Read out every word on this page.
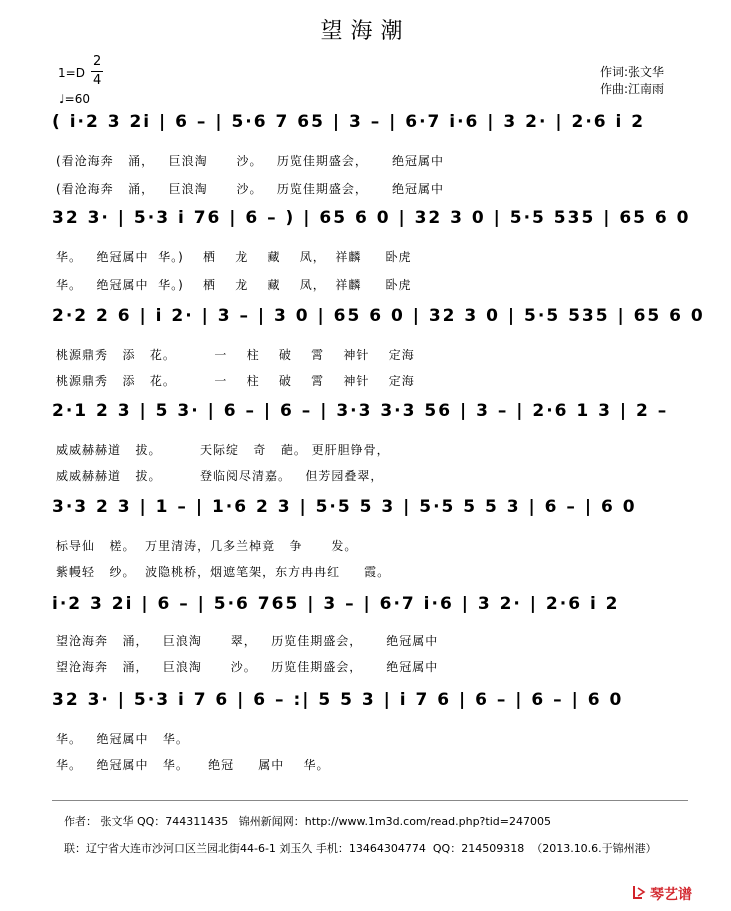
望海潮
1=D
2
4
♩=60
作词:张文华
作曲:江南雨
( i·2 3 2i | 6 – | 5·6 7 65 | 3 – | 6·7 i·6 | 3 2· | 2·6 i 2
(看沧海奔   涌，   巨浪淘      沙。   历览佳期盛会，     绝冠属中
(看沧海奔   涌，   巨浪淘      沙。   历览佳期盛会，     绝冠属中
32 3· | 5·3 i 76 | 6 – ) | 65 6 0 | 32 3 0 | 5·5 535 | 65 6 0
华。   绝冠属中  华。)    栖    龙    藏    凤，  祥麟     卧虎
华。   绝冠属中  华。)    栖    龙    藏    凤，  祥麟     卧虎
2·2 2 6 | i 2· | 3 – | 3 0 | 65 6 0 | 32 3 0 | 5·5 535 | 65 6 0
桃源鼎秀   添   花。        一    柱    破    霄    神针    定海
桃源鼎秀   添   花。        一    柱    破    霄    神针    定海
2·1 2 3 | 5 3· | 6 – | 6 – | 3·3 3·3 56 | 3 – | 2·6 1 3 | 2 –
威威赫赫道   拔。        天际绽   奇   葩。 更肝胆铮骨，
威威赫赫道   拔。        登临阅尽清嘉。   但芳园叠翠，
3·3 2 3 | 1 – | 1·6 2 3 | 5·5 5 3 | 5·5 5 5 3 | 6 – | 6 0
标导仙   槎。  万里清涛，几多兰棹竟   争      发。
紫幔轻   纱。  波隐桃桥，烟遮笔架，东方冉冉红     霞。
i·2 3 2i | 6 – | 5·6 765 | 3 – | 6·7 i·6 | 3 2· | 2·6 i 2
望沧海奔   涌，   巨浪淘      翠，   历览佳期盛会，     绝冠属中
望沧海奔   涌，   巨浪淘      沙。   历览佳期盛会，     绝冠属中
32 3· | 5·3 i 7 6 | 6 – :| 5 5 3 | i 7 6 | 6 – | 6 – | 6 0
华。   绝冠属中   华。
华。   绝冠属中   华。    绝冠     属中    华。
作者： 张文华 QQ：744311435   锦州新闻网：http://www.1m3d.com/read.php?tid=247005
联：辽宁省大连市沙河口区兰园北街44-6-1 刘玉久 手机：13464304774  QQ：214509318  （2013.10.6.于锦州港）
琴艺谱
